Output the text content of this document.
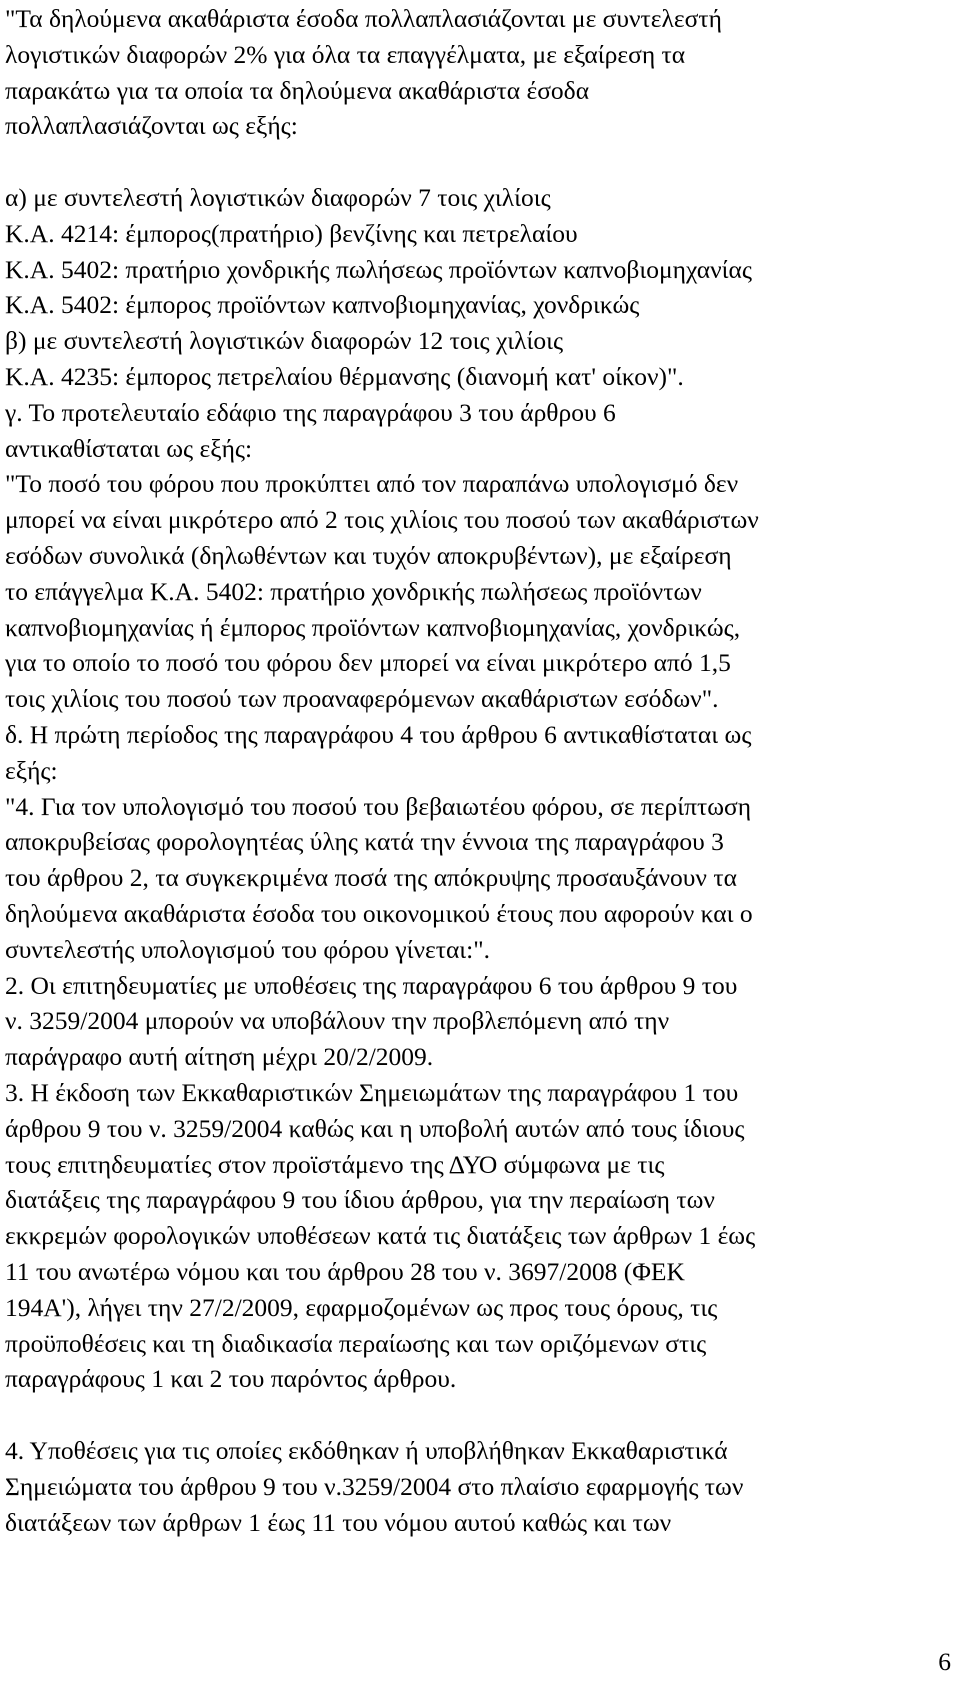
"Τα δηλούμενα ακαθάριστα έσοδα πολλαπλασιάζονται με συντελεστή

λογιστικών διαφορών 2% για όλα τα επαγγέλματα, με εξαίρεση τα

παρακάτω για τα οποία τα δηλούμενα ακαθάριστα έσοδα

πολλαπλασιάζονται ως εξής:

α) με συντελεστή λογιστικών διαφορών 7 τοις χιλίοις

Κ.Α. 4214: έμπορος(πρατήριο) βενζίνης και πετρελαίου

Κ.Α. 5402: πρατήριο χονδρικής πωλήσεως προϊόντων καπνοβιομηχανίας

Κ.Α. 5402: έμπορος προϊόντων καπνοβιομηχανίας, χονδρικώς

β) με συντελεστή λογιστικών διαφορών 12 τοις χιλίοις

Κ.Α. 4235: έμπορος πετρελαίου θέρμανσης (διανομή κατ' οίκον)".

γ. Το προτελευταίο εδάφιο της παραγράφου 3 του άρθρου 6

αντικαθίσταται ως εξής:

"Το ποσό του φόρου που προκύπτει από τον παραπάνω υπολογισμό δεν

μπορεί να είναι μικρότερο από 2 τοις χιλίοις του ποσού των ακαθάριστων

εσόδων συνολικά (δηλωθέντων και τυχόν αποκρυβέντων), με εξαίρεση

το επάγγελμα Κ.Α. 5402: πρατήριο χονδρικής πωλήσεως προϊόντων

καπνοβιομηχανίας ή έμπορος προϊόντων καπνοβιομηχανίας, χονδρικώς,

για το οποίο το ποσό του φόρου δεν μπορεί να είναι μικρότερο από 1,5

τοις χιλίοις του ποσού των προαναφερόμενων ακαθάριστων εσόδων".

δ. Η πρώτη περίοδος της παραγράφου 4 του άρθρου 6 αντικαθίσταται ως

εξής:

"4. Για τον υπολογισμό του ποσού του βεβαιωτέου φόρου, σε περίπτωση

αποκρυβείσας φορολογητέας ύλης κατά την έννοια της παραγράφου 3

του άρθρου 2, τα συγκεκριμένα ποσά της απόκρυψης προσαυξάνουν τα

δηλούμενα ακαθάριστα έσοδα του οικονομικού έτους που αφορούν και ο

συντελεστής υπολογισμού του φόρου γίνεται:".

2. Οι επιτηδευματίες με υποθέσεις της παραγράφου 6 του άρθρου 9 του

ν. 3259/2004 μπορούν να υποβάλουν την προβλεπόμενη από την

παράγραφο αυτή αίτηση μέχρι 20/2/2009.

3. Η έκδοση των Εκκαθαριστικών Σημειωμάτων της παραγράφου 1 του

άρθρου 9 του ν. 3259/2004 καθώς και η υποβολή αυτών από τους ίδιους

τους επιτηδευματίες στον προϊστάμενο της ΔΥΟ σύμφωνα με τις

διατάξεις της παραγράφου 9 του ίδιου άρθρου, για την περαίωση των

εκκρεμών φορολογικών υποθέσεων κατά τις διατάξεις των άρθρων 1 έως

11 του ανωτέρω νόμου και του άρθρου 28 του ν. 3697/2008 (ΦΕΚ

194Α'), λήγει την 27/2/2009, εφαρμοζομένων ως προς τους όρους, τις

προϋποθέσεις και τη διαδικασία περαίωσης και των οριζόμενων στις

παραγράφους 1 και 2 του παρόντος άρθρου.

4. Υποθέσεις για τις οποίες εκδόθηκαν ή υποβλήθηκαν Εκκαθαριστικά

Σημειώματα του άρθρου 9 του ν.3259/2004 στο πλαίσιο εφαρμογής των

διατάξεων των άρθρων 1 έως 11 του νόμου αυτού καθώς και των

6
